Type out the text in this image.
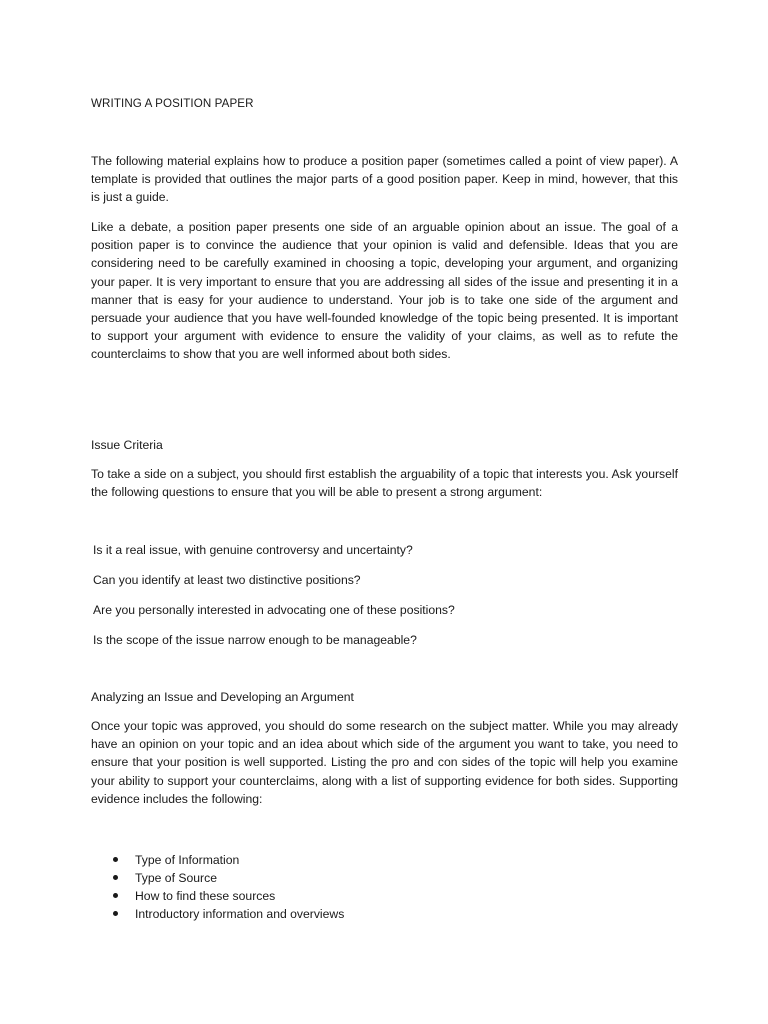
WRITING A POSITION PAPER

The following material explains how to produce a position paper (sometimes called a point of view paper). A template is provided that outlines the major parts of a good position paper. Keep in mind, however, that this is just a guide.

Like a debate, a position paper presents one side of an arguable opinion about an issue. The goal of a position paper is to convince the audience that your opinion is valid and defensible. Ideas that you are considering need to be carefully examined in choosing a topic, developing your argument, and organizing your paper. It is very important to ensure that you are addressing all sides of the issue and presenting it in a manner that is easy for your audience to understand. Your job is to take one side of the argument and persuade your audience that you have well-founded knowledge of the topic being presented. It is important to support your argument with evidence to ensure the validity of your claims, as well as to refute the counterclaims to show that you are well informed about both sides.

Issue Criteria

To take a side on a subject, you should first establish the arguability of a topic that interests you. Ask yourself the following questions to ensure that you will be able to present a strong argument:

Is it a real issue, with genuine controversy and uncertainty?

Can you identify at least two distinctive positions?

Are you personally interested in advocating one of these positions?

Is the scope of the issue narrow enough to be manageable?

Analyzing an Issue and Developing an Argument

Once your topic was approved, you should do some research on the subject matter. While you may already have an opinion on your topic and an idea about which side of the argument you want to take, you need to ensure that your position is well supported. Listing the pro and con sides of the topic will help you examine your ability to support your counterclaims, along with a list of supporting evidence for both sides. Supporting evidence includes the following:

Type of Information
Type of Source
How to find these sources
Introductory information and overviews
